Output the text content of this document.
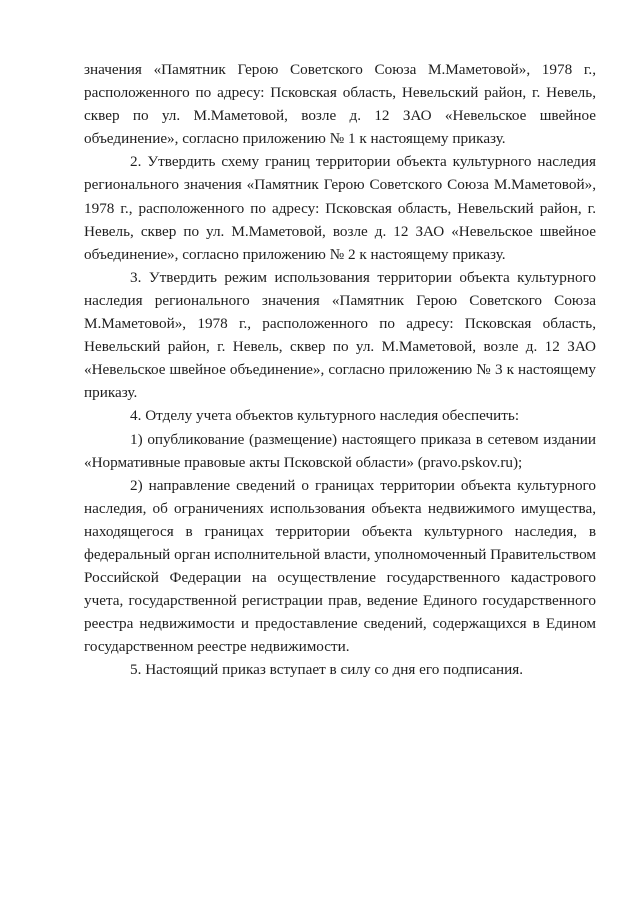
значения «Памятник Герою Советского Союза М.Маметовой», 1978 г., расположенного по адресу: Псковская область, Невельский район, г. Невель, сквер по ул. М.Маметовой, возле д. 12 ЗАО «Невельское швейное объединение», согласно приложению № 1 к настоящему приказу.

2. Утвердить схему границ территории объекта культурного наследия регионального значения «Памятник Герою Советского Союза М.Маметовой», 1978 г., расположенного по адресу: Псковская область, Невельский район, г. Невель, сквер по ул. М.Маметовой, возле д. 12 ЗАО «Невельское швейное объединение», согласно приложению № 2 к настоящему приказу.

3. Утвердить режим использования территории объекта культурного наследия регионального значения «Памятник Герою Советского Союза М.Маметовой», 1978 г., расположенного по адресу: Псковская область, Невельский район, г. Невель, сквер по ул. М.Маметовой, возле д. 12 ЗАО «Невельское швейное объединение», согласно приложению № 3 к настоящему приказу.

4. Отделу учета объектов культурного наследия обеспечить:

1) опубликование (размещение) настоящего приказа в сетевом издании «Нормативные правовые акты Псковской области» (pravo.pskov.ru);

2) направление сведений о границах территории объекта культурного наследия, об ограничениях использования объекта недвижимого имущества, находящегося в границах территории объекта культурного наследия, в федеральный орган исполнительной власти, уполномоченный Правительством Российской Федерации на осуществление государственного кадастрового учета, государственной регистрации прав, ведение Единого государственного реестра недвижимости и предоставление сведений, содержащихся в Едином государственном реестре недвижимости.

5. Настоящий приказ вступает в силу со дня его подписания.
